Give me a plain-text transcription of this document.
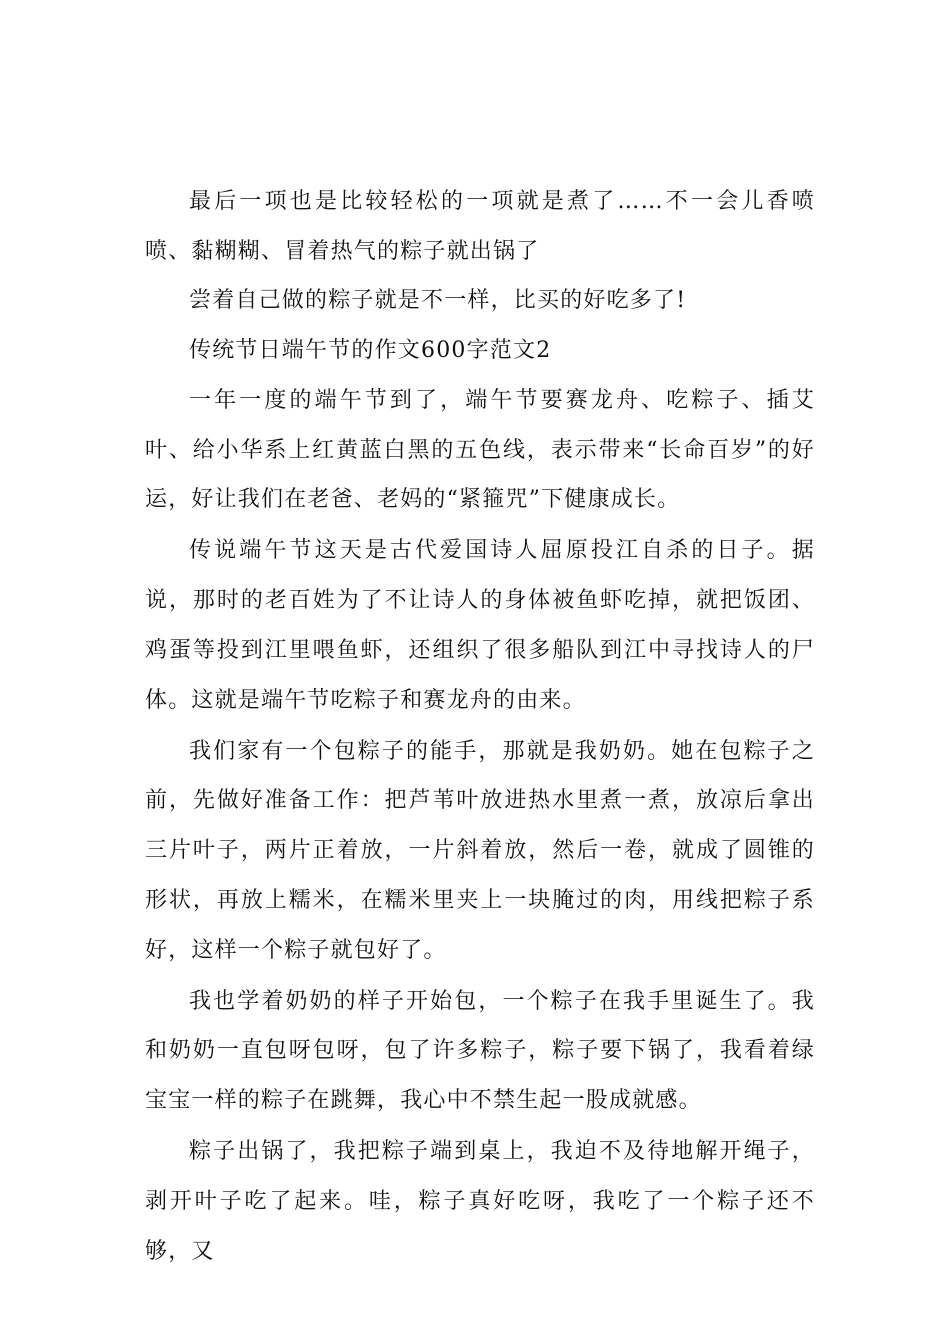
最后一项也是比较轻松的一项就是煮了……不一会儿香喷喷、黏糊糊、冒着热气的粽子就出锅了

尝着自己做的粽子就是不一样，比买的好吃多了!

传统节日端午节的作文600字范文2

一年一度的端午节到了，端午节要赛龙舟、吃粽子、插艾叶、给小华系上红黄蓝白黑的五色线，表示带来“长命百岁”的好运，好让我们在老爸、老妈的“紧箍咒”下健康成长。

传说端午节这天是古代爱国诗人屈原投江自杀的日子。据说，那时的老百姓为了不让诗人的身体被鱼虾吃掉，就把饭团、鸡蛋等投到江里喂鱼虾，还组织了很多船队到江中寻找诗人的尸体。这就是端午节吃粽子和赛龙舟的由来。

我们家有一个包粽子的能手，那就是我奶奶。她在包粽子之前，先做好准备工作：把芦苇叶放进热水里煮一煮，放凉后拿出三片叶子，两片正着放，一片斜着放，然后一卷，就成了圆锥的形状，再放上糯米，在糯米里夹上一块腌过的肉，用线把粽子系好，这样一个粽子就包好了。

我也学着奶奶的样子开始包，一个粽子在我手里诞生了。我和奶奶一直包呀包呀，包了许多粽子，粽子要下锅了，我看着绿宝宝一样的粽子在跳舞，我心中不禁生起一股成就感。

粽子出锅了，我把粽子端到桌上，我迫不及待地解开绳子，剥开叶子吃了起来。哇，粽子真好吃呀，我吃了一个粽子还不够，又
